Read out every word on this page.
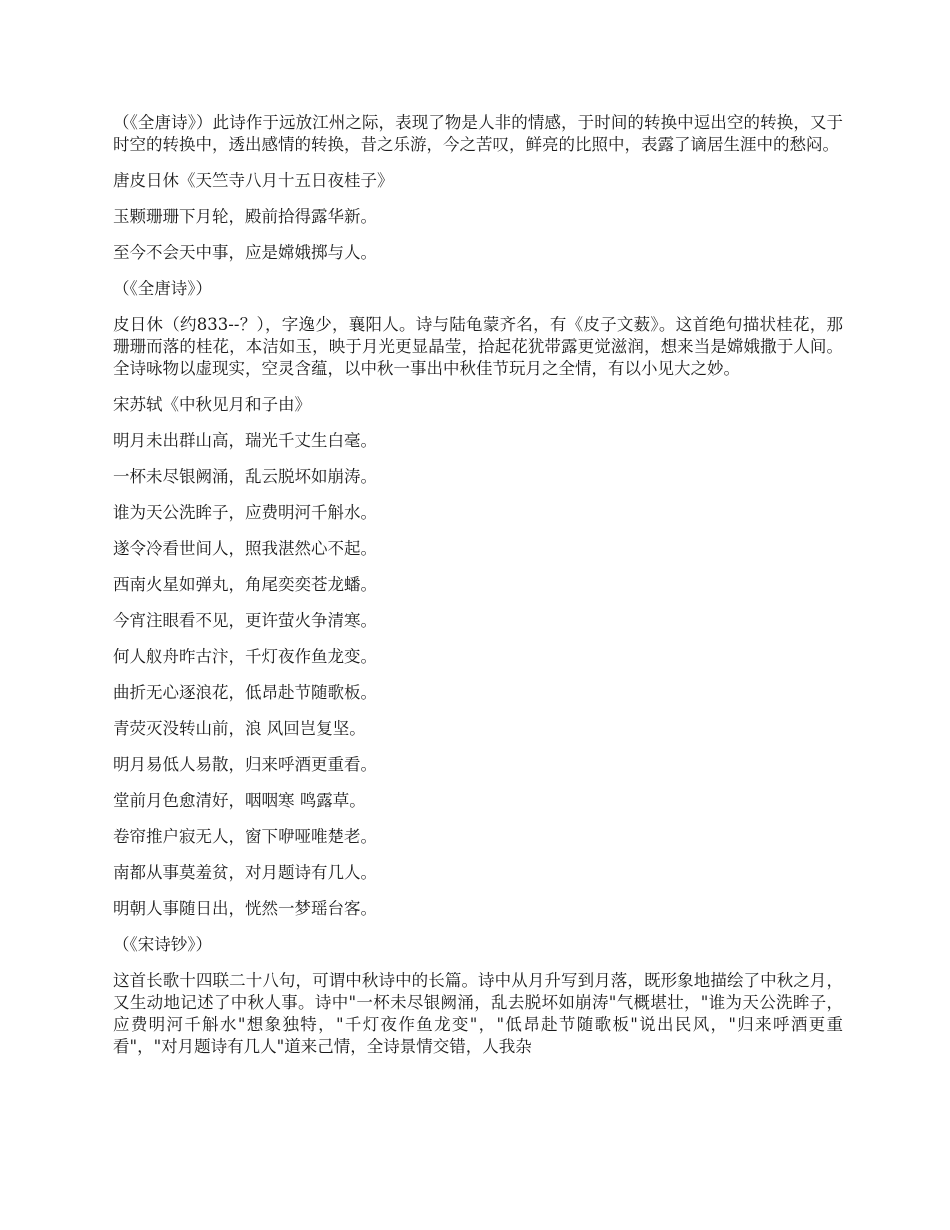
（《全唐诗》）此诗作于远放江州之际，表现了物是人非的情感，于时间的转换中逗出空的转换，又于时空的转换中，透出感情的转换，昔之乐游，今之苦叹，鲜亮的比照中，表露了谪居生涯中的愁闷。

唐皮日休《天竺寺八月十五日夜桂子》

玉颗珊珊下月轮，殿前拾得露华新。

至今不会天中事，应是嫦娥掷与人。

（《全唐诗》）

皮日休（约833--？），字逸少，襄阳人。诗与陆龟蒙齐名，有《皮子文薮》。这首绝句描状桂花，那珊珊而落的桂花，本洁如玉，映于月光更显晶莹，拾起花犹带露更觉滋润，想来当是嫦娥撒于人间。全诗咏物以虚现实，空灵含蕴，以中秋一事出中秋佳节玩月之全情，有以小见大之妙。

宋苏轼《中秋见月和子由》

明月未出群山高，瑞光千丈生白毫。

一杯未尽银阙涌，乱云脱坏如崩涛。

谁为天公洗眸子，应费明河千斛水。

遂令冷看世间人，照我湛然心不起。

西南火星如弹丸，角尾奕奕苍龙蟠。

今宵注眼看不见，更许萤火争清寒。

何人舣舟昨古汴，千灯夜作鱼龙变。

曲折无心逐浪花，低昂赴节随歌板。

青荧灭没转山前，浪 风回岂复坚。

明月易低人易散，归来呼酒更重看。

堂前月色愈清好，咽咽寒 鸣露草。

卷帘推户寂无人，窗下咿哑唯楚老。

南都从事莫羞贫，对月题诗有几人。

明朝人事随日出，恍然一梦瑶台客。

（《宋诗钞》）

这首长歌十四联二十八句，可谓中秋诗中的长篇。诗中从月升写到月落，既形象地描绘了中秋之月，又生动地记述了中秋人事。诗中"一杯未尽银阙涌，乱去脱坏如崩涛"气概堪壮，"谁为天公洗眸子，应费明河千斛水"想象独特，"千灯夜作鱼龙变"，"低昂赴节随歌板"说出民风，"归来呼酒更重看"，"对月题诗有几人"道来己情，全诗景情交错，人我杂
